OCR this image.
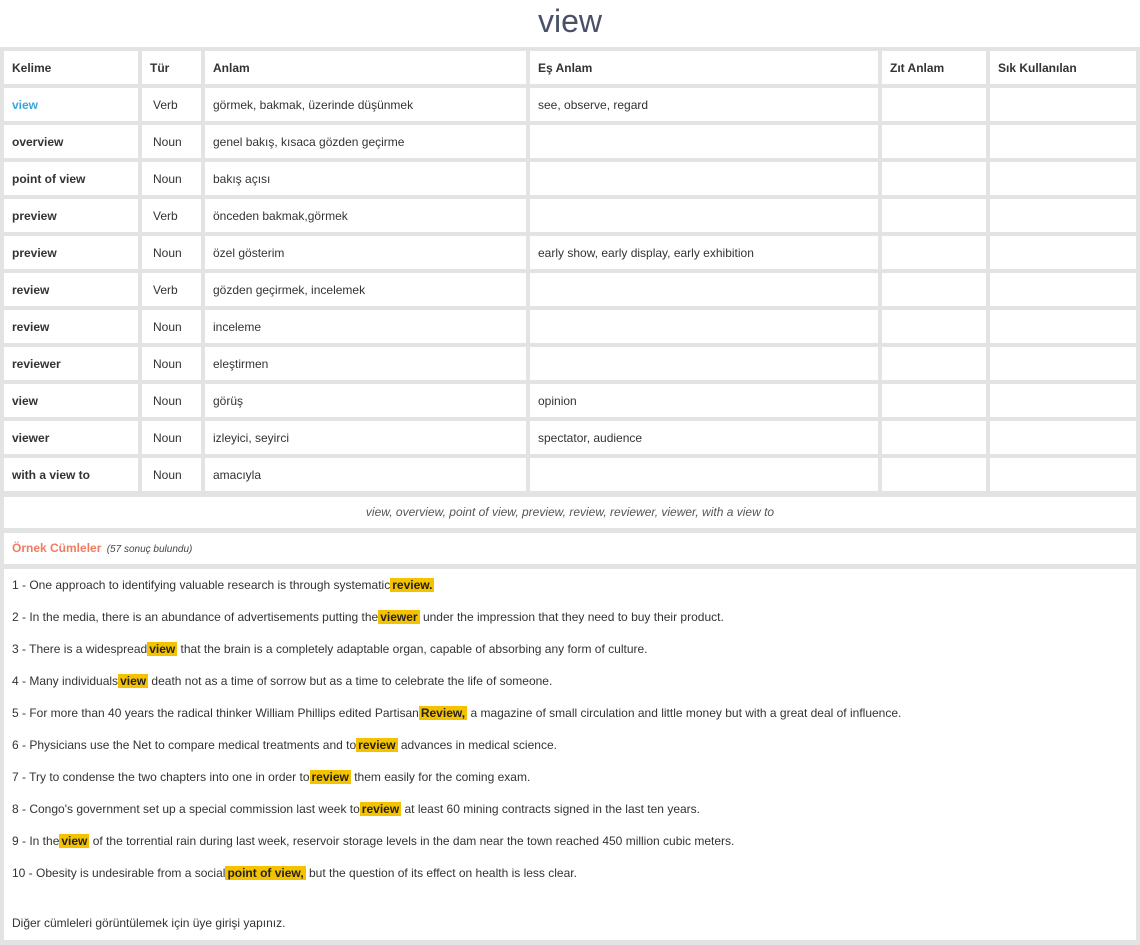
view
Kelime	Tür	Anlam	Eş Anlam	Zıt Anlam	Sık Kullanılan
view	Verb	görmek, bakmak, üzerinde düşünmek	see, observe, regard		
overview	Noun	genel bakış, kısaca gözden geçirme			
point of view	Noun	bakış açısı			
preview	Verb	önceden bakmak,görmek			
preview	Noun	özel gösterim	early show, early display, early exhibition		
review	Verb	gözden geçirmek, incelemek			
review	Noun	inceleme			
reviewer	Noun	eleştirmen			
view	Noun	görüş	opinion		
viewer	Noun	izleyici, seyirci	spectator, audience		
with a view to	Noun	amacıyla			
view, overview, point of view, preview, review, reviewer, viewer, with a view to
Örnek Cümleler (57 sonuç bulundu)
1 - One approach to identifying valuable research is through systematic review.
2 - In the media, there is an abundance of advertisements putting the viewer under the impression that they need to buy their product.
3 - There is a widespread view that the brain is a completely adaptable organ, capable of absorbing any form of culture.
4 - Many individuals view death not as a time of sorrow but as a time to celebrate the life of someone.
5 - For more than 40 years the radical thinker William Phillips edited Partisan Review, a magazine of small circulation and little money but with a great deal of influence.
6 - Physicians use the Net to compare medical treatments and to review advances in medical science.
7 - Try to condense the two chapters into one in order to review them easily for the coming exam.
8 - Congo's government set up a special commission last week to review at least 60 mining contracts signed in the last ten years.
9 - In the view of the torrential rain during last week, reservoir storage levels in the dam near the town reached 450 million cubic meters.
10 - Obesity is undesirable from a social point of view, but the question of its effect on health is less clear.
Diğer cümleleri görüntülemek için üye girişi yapınız.
